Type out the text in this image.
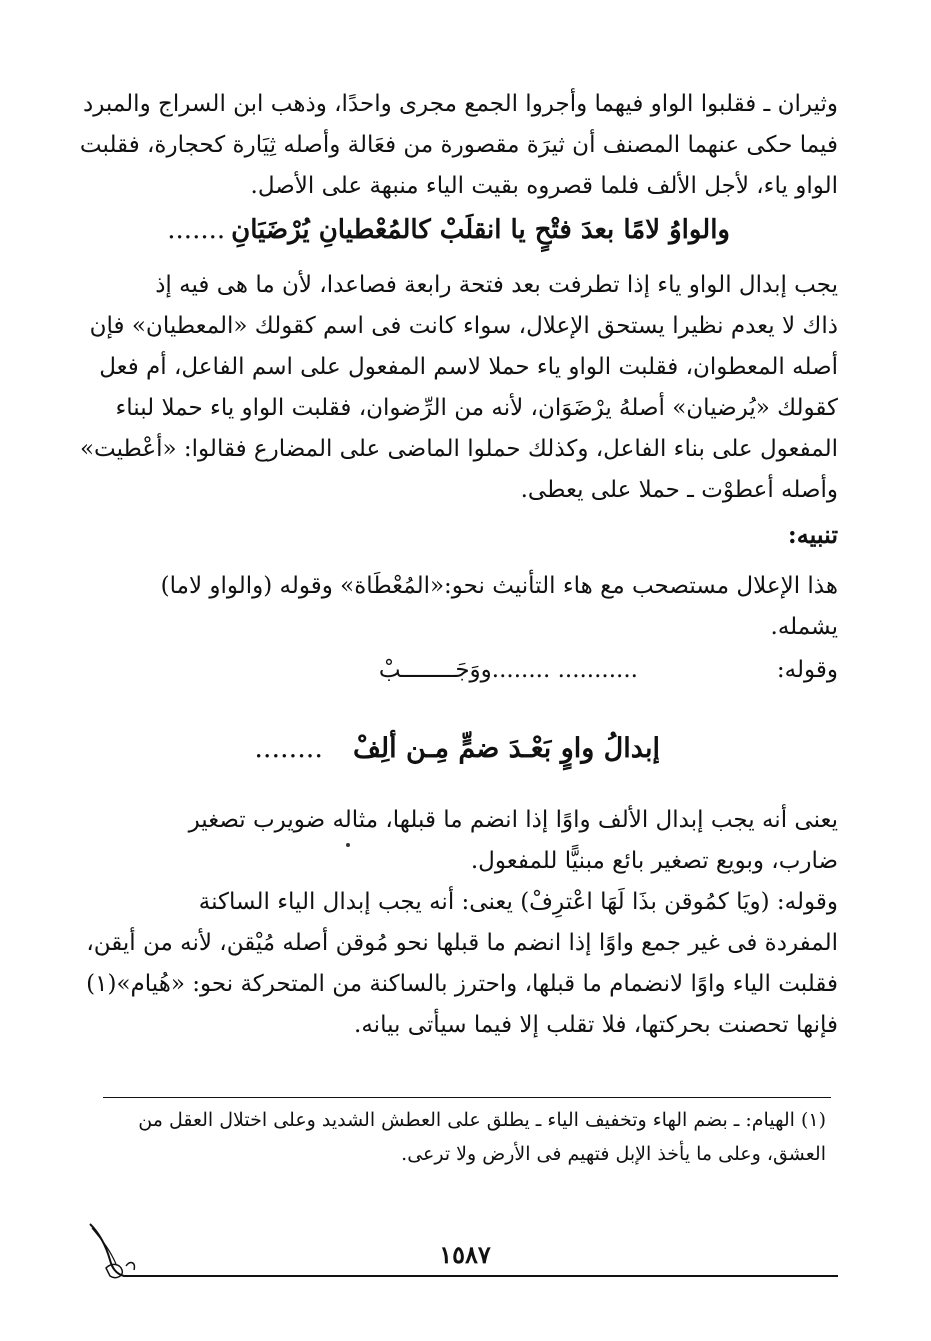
وثيران ـ فقلبوا الواو فيهما وأجروا الجمع مجرى واحدًا، وذهب ابن السراج والمبرد
فيما حكى عنهما المصنف أن ثيرَة مقصورة من فعَالة وأصله ثِيَارة كحجارة، فقلبت
الواو ياء، لأجل الألف فلما قصروه بقيت الياء منبهة على الأصل.
والواوُ لامًا بعدَ فتْحٍ يا انقلَبْ كالمُعْطيانِ يُرْضَيَانِ.......
يجب إبدال الواو ياء إذا تطرفت بعد فتحة رابعة فصاعدا، لأن ما هى فيه إذ
ذاك لا يعدم نظيرا يستحق الإعلال، سواء كانت فى اسم كقولك «المعطيان» فإن
أصله المعطوان، فقلبت الواو ياء حملا لاسم المفعول على اسم الفاعل، أم فعل
كقولك «يُرضيان» أصلهُ يرْضَوَان، لأنه من الرِّضوان، فقلبت الواو ياء حملا لبناء
المفعول على بناء الفاعل، وكذلك حملوا الماضى على المضارع فقالوا: «أعْطيت»
وأصله أعطوْت ـ حملا على يعطى.
تنبيه:
هذا الإعلال مستصحب مع هاء التأنيث نحو:«المُعْطَاة» وقوله (والواو لاما)
يشمله.
وقوله:
........... ........ووَجَــــــــبْ
إبدالُ واوٍ بَعْـدَ ضمٍّ مِـن ألِفْ........
يعنى أنه يجب إبدال الألف واوًا إذا انضم ما قبلها، مثاله ضويرب تصغير
ضارب، وبويع تصغير بائع مبنيًّا للمفعول.
وقوله: (ويَا كمُوقن بذَا لَهَا اعْترِفْ) يعنى: أنه يجب إبدال الياء الساكنة
المفردة فى غير جمع واوًا إذا انضم ما قبلها نحو مُوقن أصله مُيْقن، لأنه من أيقن،
فقلبت الياء واوًا لانضمام ما قبلها، واحترز بالساكنة من المتحركة نحو: «هُيام»(١)
فإنها تحصنت بحركتها، فلا تقلب إلا فيما سيأتى بيانه.
(١) الهيام: ـ بضم الهاء وتخفيف الياء ـ يطلق على العطش الشديد وعلى اختلال العقل من
العشق، وعلى ما يأخذ الإبل فتهيم فى الأرض ولا ترعى.
١٥٨٧
